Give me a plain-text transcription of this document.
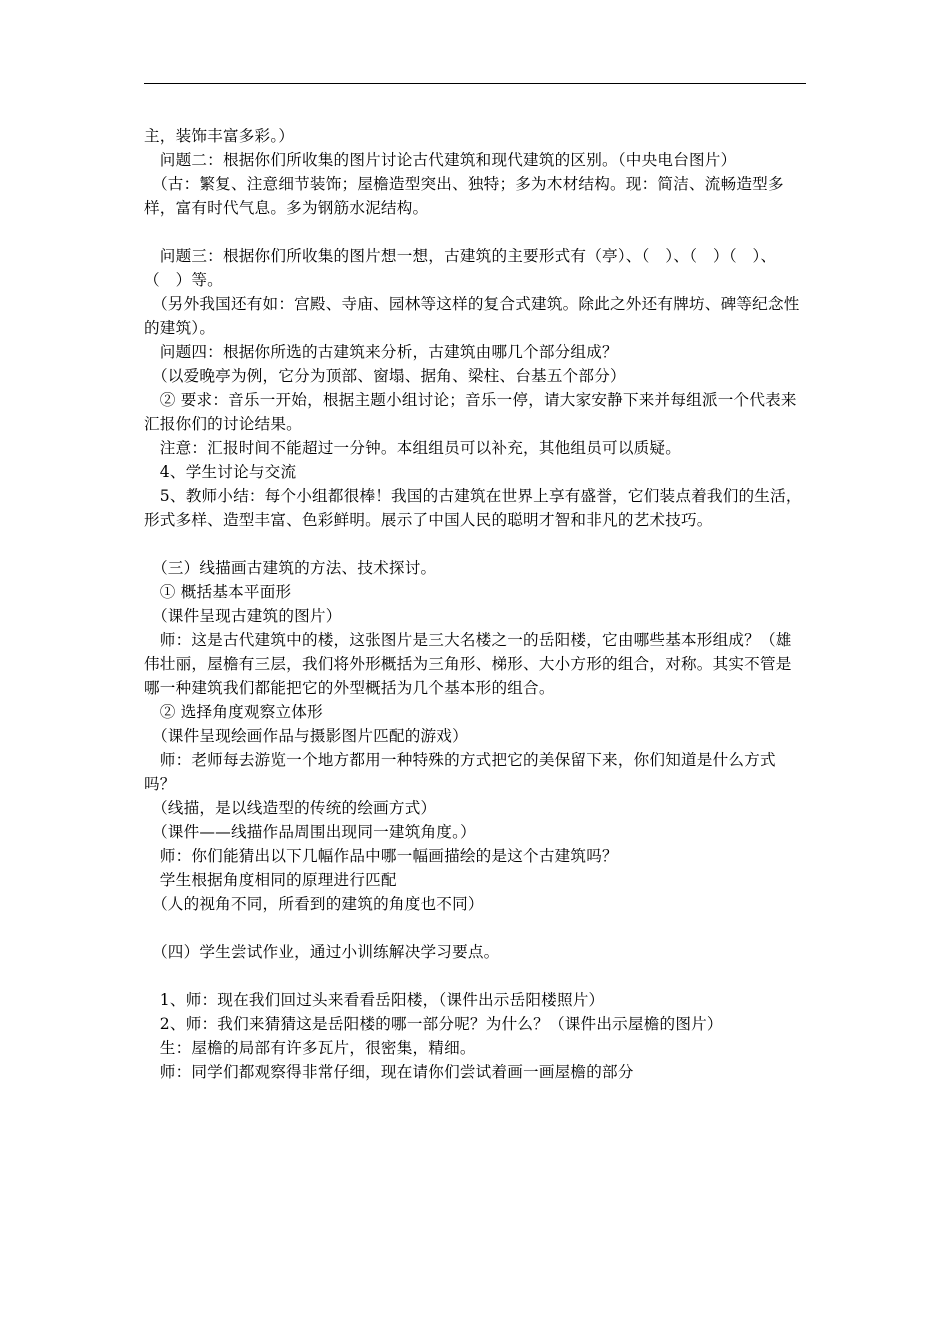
主，装饰丰富多彩。）

　问题二：根据你们所收集的图片讨论古代建筑和现代建筑的区别。（中央电台图片）

　（古：繁复、注意细节装饰；屋檐造型突出、独特；多为木材结构。现：简洁、流畅造型多样，富有时代气息。多为钢筋水泥结构。

　问题三：根据你们所收集的图片想一想，古建筑的主要形式有（亭）、（　）、（　）（　）、（　）等。

　（另外我国还有如：宫殿、寺庙、园林等这样的复合式建筑。除此之外还有牌坊、碑等纪念性的建筑）。

　问题四：根据你所选的古建筑来分析，古建筑由哪几个部分组成？

　（以爱晚亭为例，它分为顶部、窗塌、据角、梁柱、台基五个部分）

　② 要求：音乐一开始，根据主题小组讨论；音乐一停，请大家安静下来并每组派一个代表来汇报你们的讨论结果。

　注意：汇报时间不能超过一分钟。本组组员可以补充，其他组员可以质疑。

　4、学生讨论与交流

　5、教师小结：每个小组都很棒！我国的古建筑在世界上享有盛誉，它们装点着我们的生活，形式多样、造型丰富、色彩鲜明。展示了中国人民的聪明才智和非凡的艺术技巧。

　（三）线描画古建筑的方法、技术探讨。

　① 概括基本平面形

　（课件呈现古建筑的图片）

　师：这是古代建筑中的楼，这张图片是三大名楼之一的岳阳楼，它由哪些基本形组成？（雄伟壮丽，屋檐有三层，我们将外形概括为三角形、梯形、大小方形的组合，对称。其实不管是哪一种建筑我们都能把它的外型概括为几个基本形的组合。

　② 选择角度观察立体形

　（课件呈现绘画作品与摄影图片匹配的游戏）

　师：老师每去游览一个地方都用一种特殊的方式把它的美保留下来，你们知道是什么方式吗？

　（线描，是以线造型的传统的绘画方式）

　（课件——线描作品周围出现同一建筑角度。）

　师：你们能猜出以下几幅作品中哪一幅画描绘的是这个古建筑吗？

　学生根据角度相同的原理进行匹配

　（人的视角不同，所看到的建筑的角度也不同）

　（四）学生尝试作业，通过小训练解决学习要点。

　1、师：现在我们回过头来看看岳阳楼，（课件出示岳阳楼照片）

　2、师：我们来猜猜这是岳阳楼的哪一部分呢？为什么？（课件出示屋檐的图片）

　生：屋檐的局部有许多瓦片，很密集，精细。

　师：同学们都观察得非常仔细，现在请你们尝试着画一画屋檐的部分
